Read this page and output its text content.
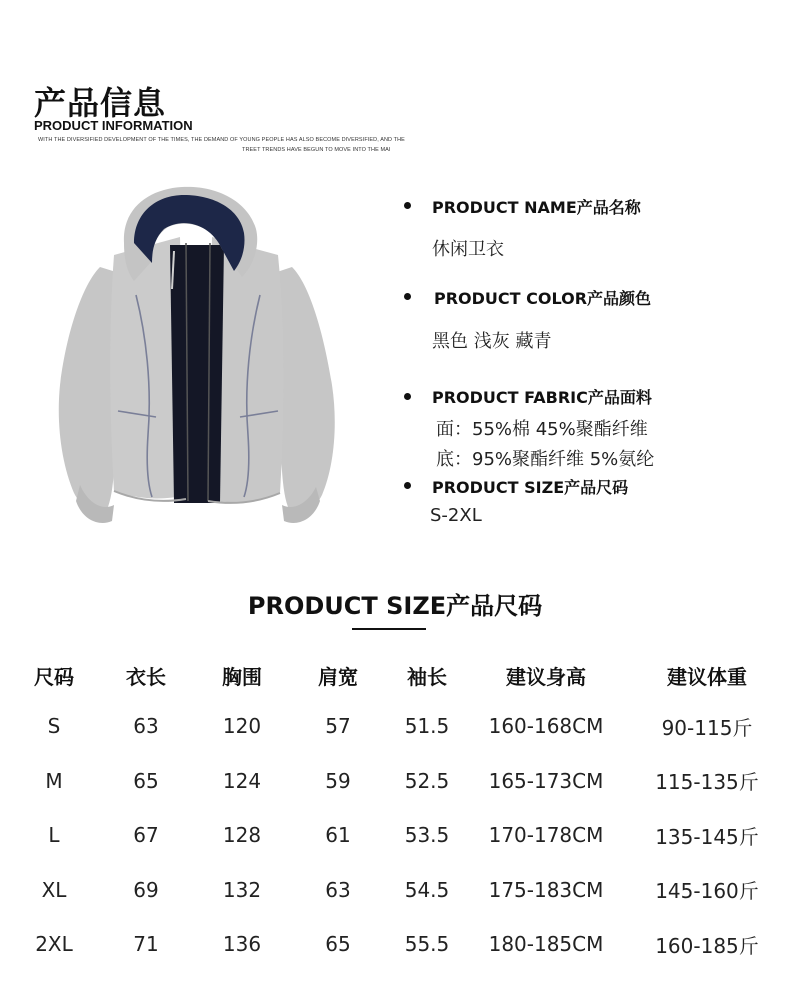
产品信息
PRODUCT INFORMATION
WITH THE DIVERSIFIED DEVELOPMENT OF THE TIMES, THE DEMAND OF YOUNG PEOPLE HAS ALSO BECOME DIVERSIFIED, AND THE
TREET TRENDS HAVE BEGUN TO MOVE INTO THE MAI
PRODUCT NAME产品名称
休闲卫衣
PRODUCT COLOR产品颜色
黑色 浅灰 藏青
PRODUCT FABRIC产品面料
面：55%棉 45%聚酯纤维
底：95%聚酯纤维 5%氨纶
PRODUCT SIZE产品尺码
S-2XL
PRODUCT SIZE产品尺码
尺码	衣长	胸围	肩宽	袖长	建议身高	建议体重
S	63	120	57	51.5	160-168CM	90-115斤
M	65	124	59	52.5	165-173CM	115-135斤
L	67	128	61	53.5	170-178CM	135-145斤
XL	69	132	63	54.5	175-183CM	145-160斤
2XL	71	136	65	55.5	180-185CM	160-185斤
